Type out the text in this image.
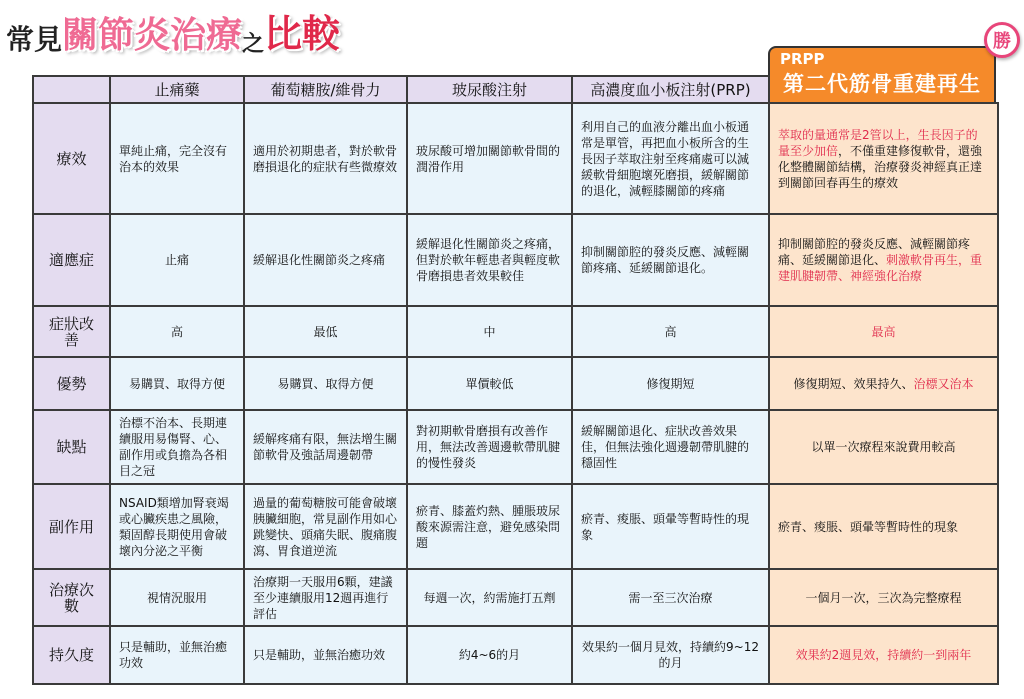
常見 關節炎治療 之 比較
PRPP
第二代筋骨重建再生
勝
	止痛藥	葡萄糖胺/維骨力	玻尿酸注射	高濃度血小板注射(PRP)	
療效	單純止痛，完全沒有治本的效果	適用於初期患者，對於軟骨磨損退化的症狀有些微療效	玻尿酸可增加關節軟骨間的潤滑作用	利用自己的血液分離出血小板通常是單管，再把血小板所含的生長因子萃取注射至疼痛處可以減緩軟骨細胞壞死磨損，緩解關節的退化，減輕膝關節的疼痛	萃取的量通常是2管以上，生長因子的量至少加倍，不僅重建修復軟骨，還強化整體關節結構，治療發炎神經真正達到關節回春再生的療效
適應症	止痛	緩解退化性關節炎之疼痛	緩解退化性關節炎之疼痛，但對於軟年輕患者與輕度軟骨磨損患者效果較佳	抑制關節腔的發炎反應、減輕關節疼痛、延緩關節退化。	抑制關節腔的發炎反應、減輕關節疼痛、延緩關節退化、刺激軟骨再生，重建肌腱韌帶、神經強化治療
症狀改善	高	最低	中	高	最高
優勢	易購買、取得方便	易購買、取得方便	單價較低	修復期短	修復期短、效果持久、治標又治本
缺點	治標不治本、長期連續服用易傷腎、心、副作用或負擔為各相目之冠	緩解疼痛有限，無法增生關節軟骨及強話周邊韌帶	對初期軟骨磨損有改善作用，無法改善週邊軟帶肌腱的慢性發炎	緩解關節退化、症狀改善效果佳，但無法強化週邊韌帶肌腱的穩固性	以單一次療程來說費用較高
副作用	NSAID類增加腎衰竭或心臟疾患之風險，類固醇長期使用會破壞內分泌之平衡	過量的葡萄糖胺可能會破壞胰臟細胞，常見副作用如心跳變快、頭痛失眠、腹痛腹瀉、胃食道逆流	瘀青、膝蓋灼熱、腫脹玻尿酸來源需注意，避免感染問題	瘀青、痠脹、頭暈等暫時性的現象	瘀青、痠脹、頭暈等暫時性的現象
治療次數	視情況服用	治療期一天服用6顆，建議至少連續服用12週再進行評估	每週一次，約需施打五劑	需一至三次治療	一個月一次，三次為完整療程
持久度	只是輔助，並無治癒功效	只是輔助，並無治癒功效	約4~6的月	效果約一個月見效，持續約9~12的月	效果約2週見效，持續約一到兩年
